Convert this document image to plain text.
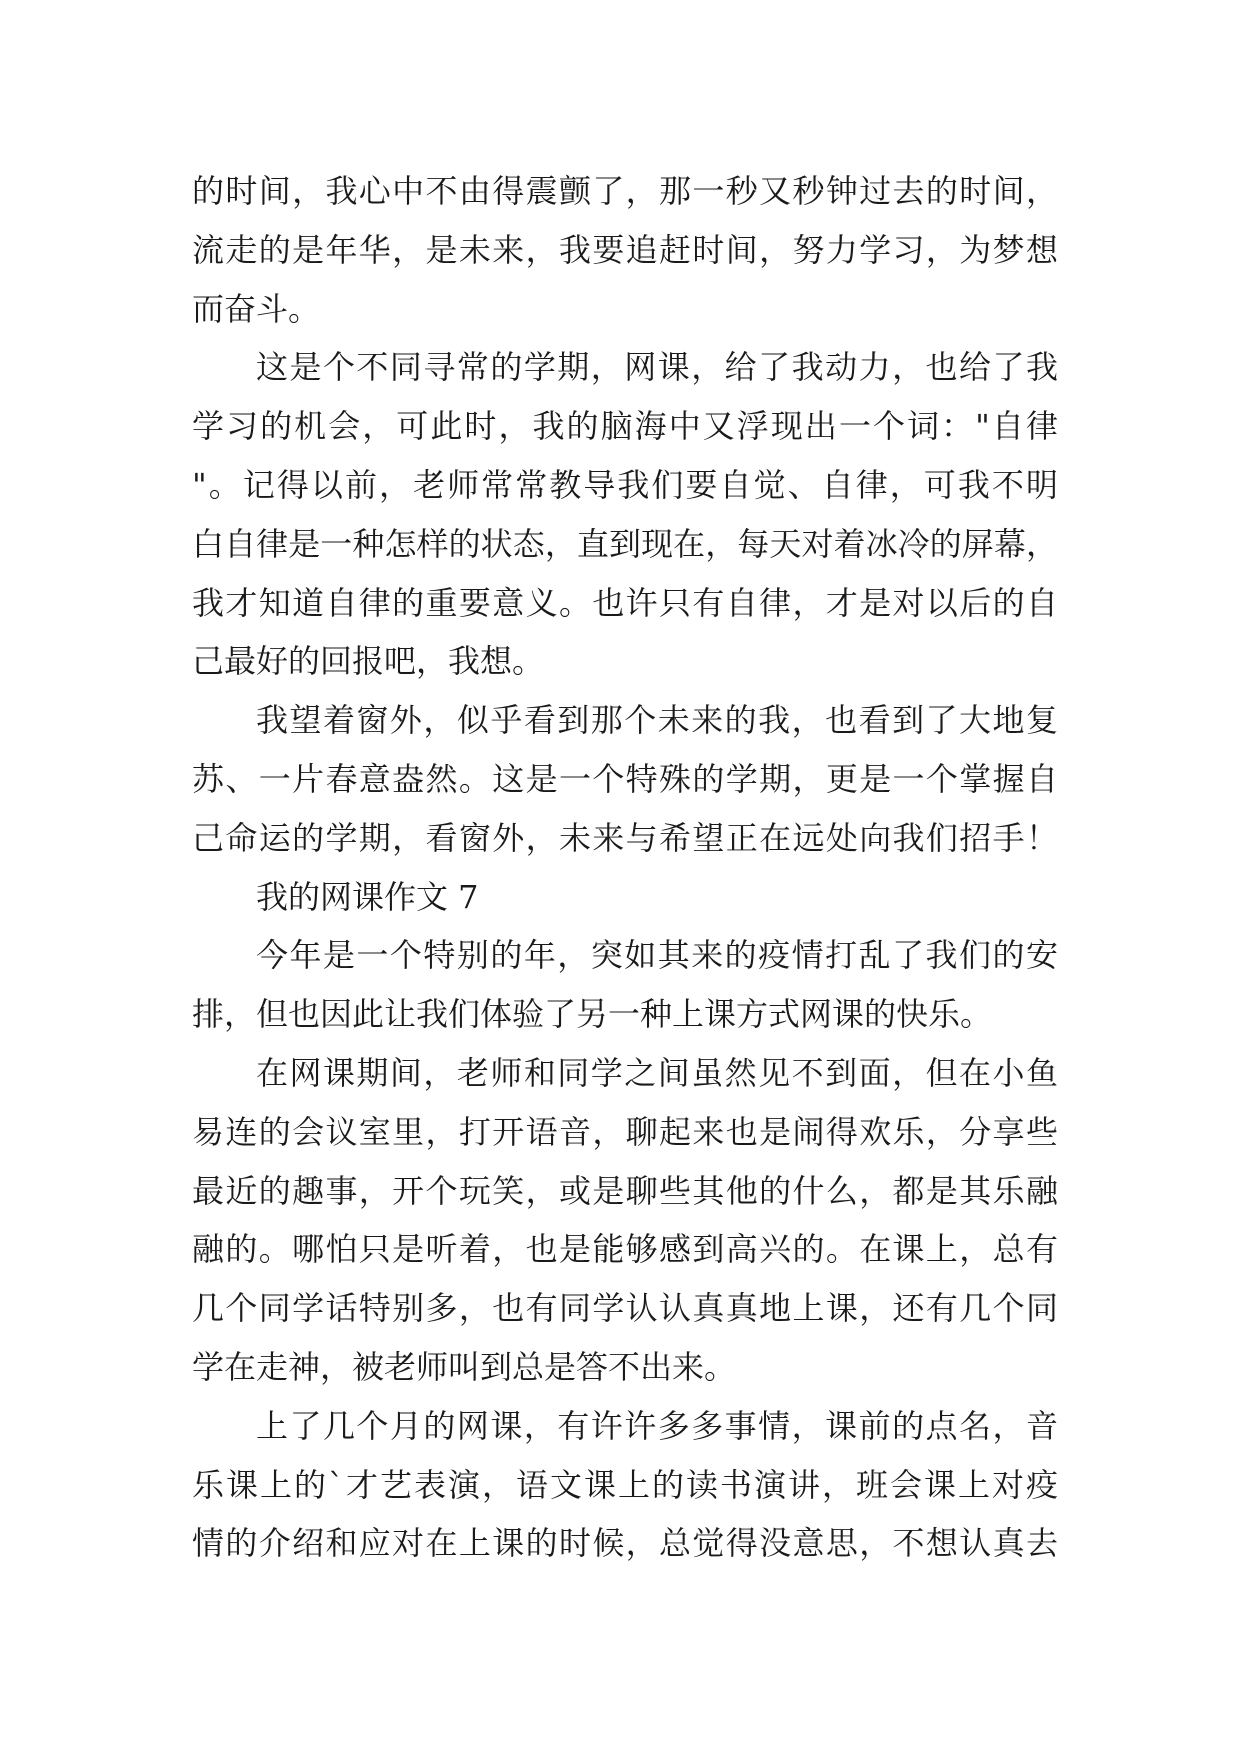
的时间，我心中不由得震颤了，那一秒又秒钟过去的时间，
流走的是年华，是未来，我要追赶时间，努力学习，为梦想
而奋斗。
这是个不同寻常的学期，网课，给了我动力，也给了我
学习的机会，可此时，我的脑海中又浮现出一个词："自律
"。记得以前，老师常常教导我们要自觉、自律，可我不明
白自律是一种怎样的状态，直到现在，每天对着冰冷的屏幕，
我才知道自律的重要意义。也许只有自律，才是对以后的自
己最好的回报吧，我想。
我望着窗外，似乎看到那个未来的我，也看到了大地复
苏、一片春意盎然。这是一个特殊的学期，更是一个掌握自
己命运的学期，看窗外，未来与希望正在远处向我们招手！
我的网课作文 7
今年是一个特别的年，突如其来的疫情打乱了我们的安
排，但也因此让我们体验了另一种上课方式网课的快乐。
在网课期间，老师和同学之间虽然见不到面，但在小鱼
易连的会议室里，打开语音，聊起来也是闹得欢乐，分享些
最近的趣事，开个玩笑，或是聊些其他的什么，都是其乐融
融的。哪怕只是听着，也是能够感到高兴的。在课上，总有
几个同学话特别多，也有同学认认真真地上课，还有几个同
学在走神，被老师叫到总是答不出来。
上了几个月的网课，有许许多多事情，课前的点名，音
乐课上的`才艺表演，语文课上的读书演讲，班会课上对疫
情的介绍和应对在上课的时候，总觉得没意思，不想认真去
